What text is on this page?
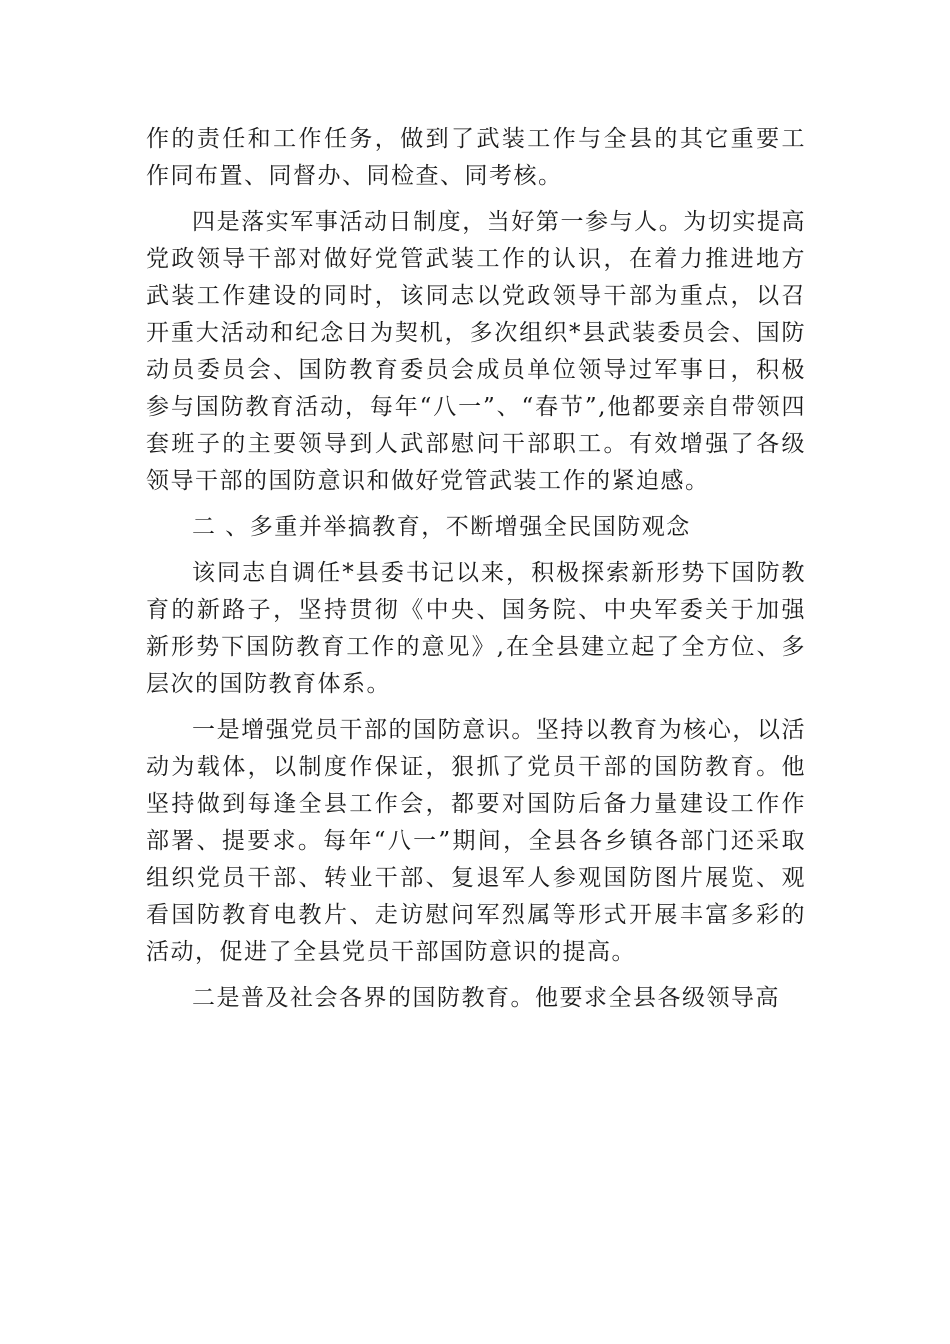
作的责任和工作任务，做到了武装工作与全县的其它重要工作同布置、同督办、同检查、同考核。

四是落实军事活动日制度，当好第一参与人。为切实提高党政领导干部对做好党管武装工作的认识，在着力推进地方武装工作建设的同时，该同志以党政领导干部为重点，以召开重大活动和纪念日为契机，多次组织*县武装委员会、国防动员委员会、国防教育委员会成员单位领导过军事日，积极参与国防教育活动，每年“八一”、“春节”,他都要亲自带领四套班子的主要领导到人武部慰问干部职工。有效增强了各级领导干部的国防意识和做好党管武装工作的紧迫感。

二 、多重并举搞教育，不断增强全民国防观念

该同志自调任*县委书记以来，积极探索新形势下国防教育的新路子，坚持贯彻《中央、国务院、中央军委关于加强新形势下国防教育工作的意见》,在全县建立起了全方位、多层次的国防教育体系。

一是增强党员干部的国防意识。坚持以教育为核心，以活动为载体，以制度作保证，狠抓了党员干部的国防教育。他坚持做到每逢全县工作会，都要对国防后备力量建设工作作部署、提要求。每年“八一”期间，全县各乡镇各部门还采取组织党员干部、转业干部、复退军人参观国防图片展览、观看国防教育电教片、走访慰问军烈属等形式开展丰富多彩的活动，促进了全县党员干部国防意识的提高。

二是普及社会各界的国防教育。他要求全县各级领导高
